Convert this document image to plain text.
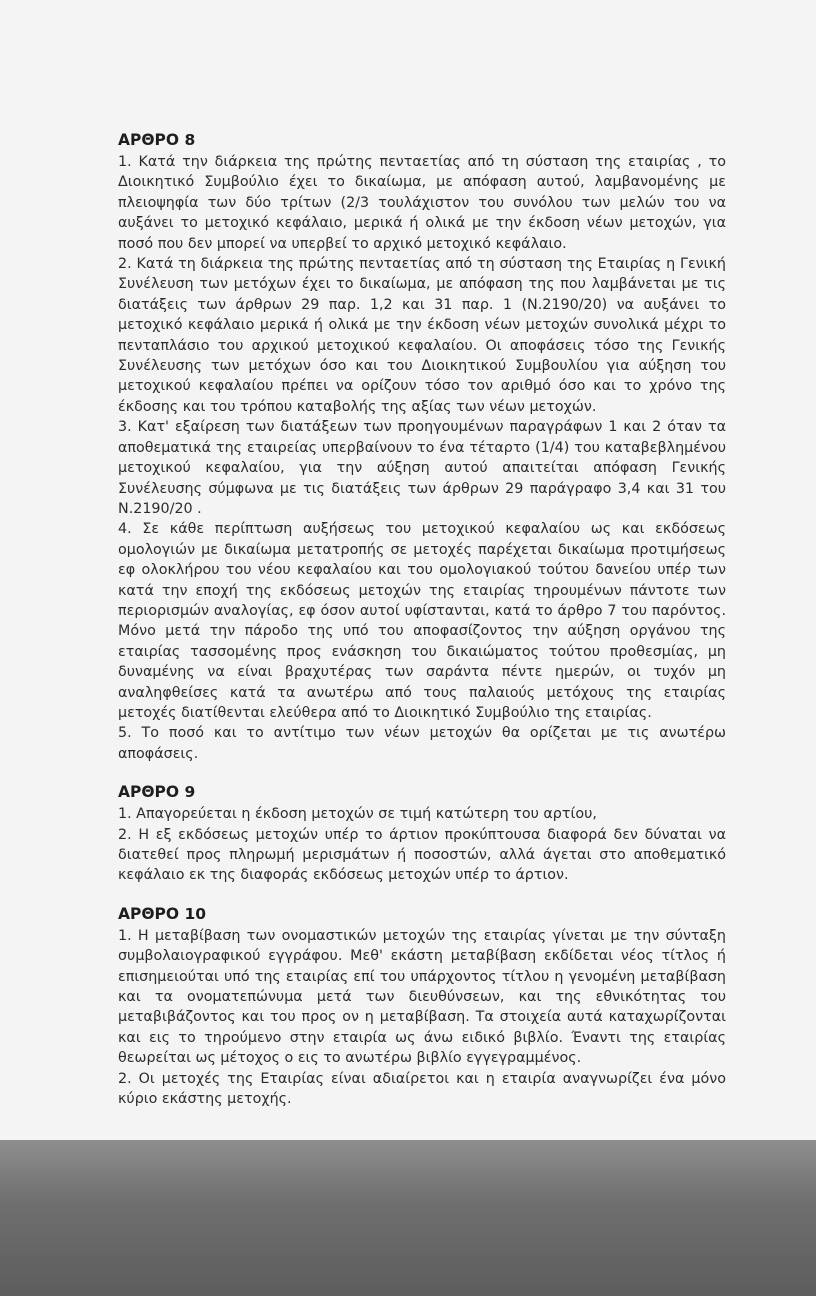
ΑΡΘΡΟ 8

1. Κατά την διάρκεια της πρώτης πενταετίας από τη σύσταση της εταιρίας , το Διοικητικό Συμβούλιο έχει το δικαίωμα, με απόφαση αυτού, λαμβανομένης με πλειοψηφία των δύο τρίτων (2/3 τουλάχιστον του συνόλου των μελών του να αυξάνει το μετοχικό κεφάλαιο, μερικά ή ολικά με την έκδοση νέων μετοχών, για ποσό που δεν μπορεί να υπερβεί το αρχικό μετοχικό κεφάλαιο.

2. Κατά τη διάρκεια της πρώτης πενταετίας από τη σύσταση της Εταιρίας η Γενική Συνέλευση των μετόχων έχει το δικαίωμα, με απόφαση της που λαμβάνεται με τις διατάξεις των άρθρων 29 παρ. 1,2 και 31 παρ. 1 (Ν.2190/20) να αυξάνει το μετοχικό κεφάλαιο μερικά ή ολικά με την έκδοση νέων μετοχών συνολικά μέχρι το πενταπλάσιο του αρχικού μετοχικού κεφαλαίου. Οι αποφάσεις τόσο της Γενικής Συνέλευσης των μετόχων όσο και του Διοικητικού Συμβουλίου για αύξηση του μετοχικού κεφαλαίου πρέπει να ορίζουν τόσο τον αριθμό όσο και το χρόνο της έκδοσης και του τρόπου καταβολής της αξίας των νέων μετοχών.

3. Κατ' εξαίρεση των διατάξεων των προηγουμένων παραγράφων 1 και 2 όταν τα αποθεματικά της εταιρείας υπερβαίνουν το ένα τέταρτο (1/4) του καταβεβλημένου μετοχικού κεφαλαίου, για την αύξηση αυτού απαιτείται απόφαση Γενικής Συνέλευσης σύμφωνα με τις διατάξεις των άρθρων 29 παράγραφο 3,4 και 31 του Ν.2190/20 .

4. Σε κάθε περίπτωση αυξήσεως του μετοχικού κεφαλαίου ως και εκδόσεως ομολογιών με δικαίωμα μετατροπής σε μετοχές παρέχεται δικαίωμα προτιμήσεως εφ ολοκλήρου του νέου κεφαλαίου και του ομολογιακού τούτου δανείου υπέρ των κατά την εποχή της εκδόσεως μετοχών της εταιρίας τηρουμένων πάντοτε των περιορισμών αναλογίας, εφ όσον αυτοί υφίστανται, κατά το άρθρο 7 του παρόντος. Μόνο μετά την πάροδο της υπό του αποφασίζοντος την αύξηση οργάνου της εταιρίας τασσομένης προς ενάσκηση του δικαιώματος τούτου προθεσμίας, μη δυναμένης να είναι βραχυτέρας των σαράντα πέντε ημερών, οι τυχόν μη αναληφθείσες κατά τα ανωτέρω από τους παλαιούς μετόχους της εταιρίας μετοχές διατίθενται ελεύθερα από το Διοικητικό Συμβούλιο της εταιρίας.

5. Το ποσό και το αντίτιμο των νέων μετοχών θα ορίζεται με τις ανωτέρω αποφάσεις.

ΑΡΘΡΟ 9

1. Απαγορεύεται η έκδοση μετοχών σε τιμή κατώτερη του αρτίου,

2. Η εξ εκδόσεως μετοχών υπέρ το άρτιον προκύπτουσα διαφορά δεν δύναται να διατεθεί προς πληρωμή μερισμάτων ή ποσοστών, αλλά άγεται στο αποθεματικό κεφάλαιο εκ της διαφοράς εκδόσεως μετοχών υπέρ το άρτιον.

ΑΡΘΡΟ 10

1. Η μεταβίβαση των ονομαστικών μετοχών της εταιρίας γίνεται με την σύνταξη συμβολαιογραφικού εγγράφου. Μεθ' εκάστη μεταβίβαση εκδίδεται νέος τίτλος ή επισημειούται υπό της εταιρίας επί του υπάρχοντος τίτλου η γενομένη μεταβίβαση και τα ονοματεπώνυμα μετά των διευθύνσεων, και της εθνικότητας του μεταβιβάζοντος και του προς ον η μεταβίβαση. Τα στοιχεία αυτά καταχωρίζονται και εις το τηρούμενο στην εταιρία ως άνω ειδικό βιβλίο. Έναντι της εταιρίας θεωρείται ως μέτοχος ο εις το ανωτέρω βιβλίο εγγεγραμμένος.

2. Οι μετοχές της Εταιρίας είναι αδιαίρετοι και η εταιρία αναγνωρίζει ένα μόνο κύριο εκάστης μετοχής.
